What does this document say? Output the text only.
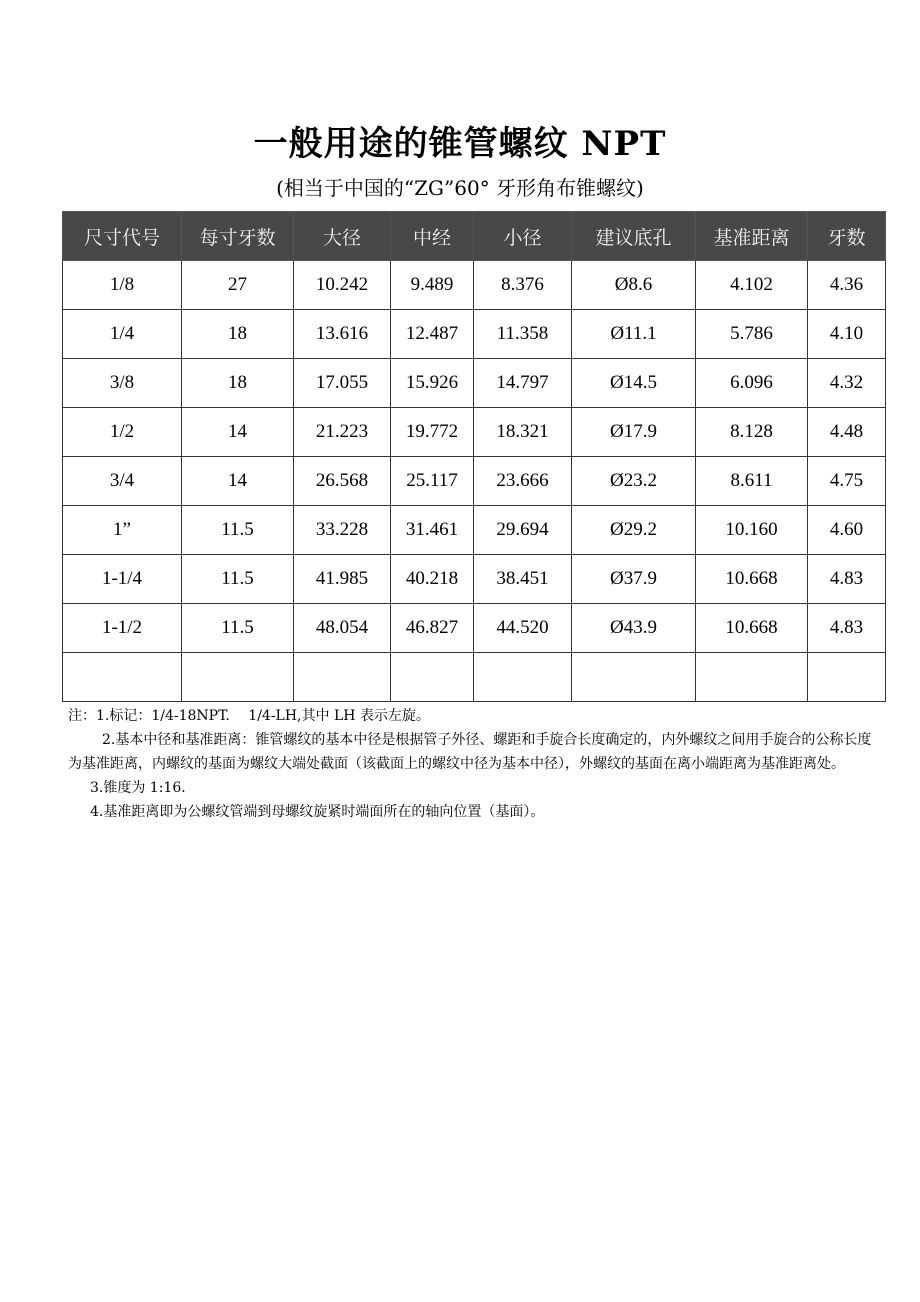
一般用途的锥管螺纹 NPT
(相当于中国的“ZG”60° 牙形角布锥螺纹)
尺寸代号	每寸牙数	大径	中经	小径	建议底孔	基准距离	牙数
1/8	27	10.242	9.489	8.376	Ø8.6	4.102	4.36
1/4	18	13.616	12.487	11.358	Ø11.1	5.786	4.10
3/8	18	17.055	15.926	14.797	Ø14.5	6.096	4.32
1/2	14	21.223	19.772	18.321	Ø17.9	8.128	4.48
3/4	14	26.568	25.117	23.666	Ø23.2	8.611	4.75
1”	11.5	33.228	31.461	29.694	Ø29.2	10.160	4.60
1-1/4	11.5	41.985	40.218	38.451	Ø37.9	10.668	4.83
1-1/2	11.5	48.054	46.827	44.520	Ø43.9	10.668	4.83

注：1.标记：1/4-18NPT.　 1/4-LH,其中 LH 表示左旋。

2.基本中径和基准距离：锥管螺纹的基本中径是根据管子外径、螺距和手旋合长度确定的，内外螺纹之间用手旋合的公称长度为基准距离，内螺纹的基面为螺纹大端处截面（该截面上的螺纹中径为基本中径），外螺纹的基面在离小端距离为基准距离处。

3.锥度为 1:16.

4.基准距离即为公螺纹管端到母螺纹旋紧时端面所在的轴向位置（基面）。
